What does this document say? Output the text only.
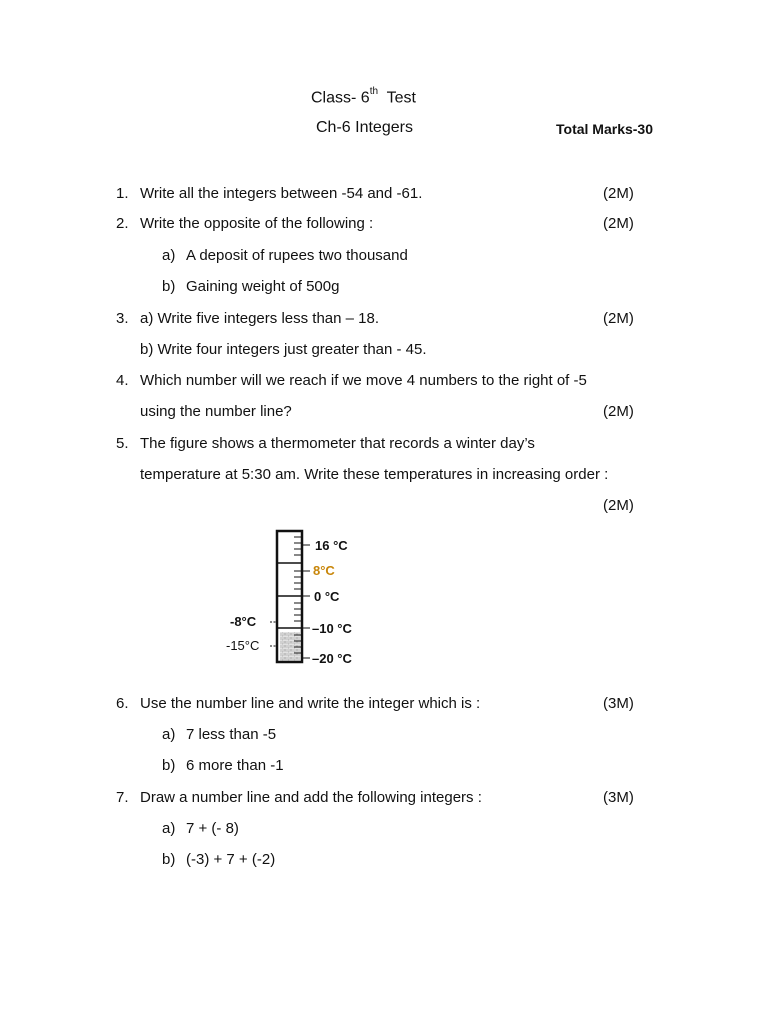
Class- 6th Test
Ch-6 Integers	Total Marks-30
1. Write all the integers between -54 and -61.	(2M)
2. Write the opposite of the following :	(2M)
a) A deposit of rupees two thousand
b) Gaining weight of 500g
3. a) Write five integers less than – 18.	(2M)
b) Write four integers just greater than - 45.
4. Which number will we reach if we move 4 numbers to the right of -5
using the number line?	(2M)
5. The figure shows a thermometer that records a winter day’s
temperature at 5:30 am. Write these temperatures in increasing order :
(2M)
16 °C
8°C
0 °C
–10 °C
–20 °C
-8°C
-15°C
6. Use the number line and write the integer which is :	(3M)
a) 7 less than -5
b) 6 more than -1
7. Draw a number line and add the following integers :	(3M)
a) 7 + (- 8)
b) (-3) + 7 + (-2)
